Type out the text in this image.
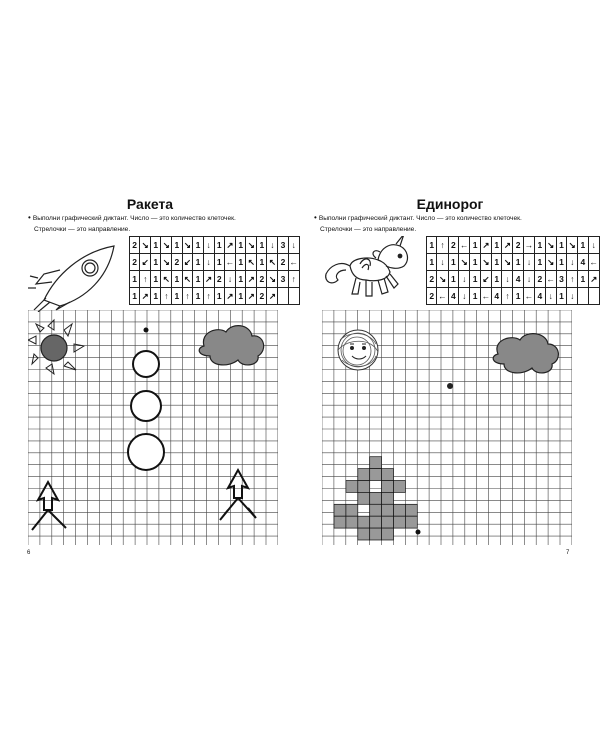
Ракета
• Выполни графический диктант. Число — это количество клеточек.
Стрелочки — это направление.
2	↘	1	↘	1	↘	1	↓	1	↗	1	↘	1	↓	3	↓
2	↙	1	↘	2	↙	1	↓	1	←	1	↖	1	↖	2	←
1	↑	1	↖	1	↖	1	↗	2	↓	1	↗	2	↘	3	↑
1	↗	1	↑	1	↑	1	↑	1	↗	1	↗	2	↗		
6
Единорог
• Выполни графический диктант. Число — это количество клеточек.
Стрелочки — это направление.
1	↑	2	←	1	↗	1	↗	2	→	1	↘	1	↘	1	↓
1	↓	1	↘	1	↘	1	↘	1	↓	1	↘	1	↓	4	←
2	↘	1	↓	1	↙	1	↓	4	↓	2	←	3	↑	1	↗
2	←	4	↓	1	←	4	↑	1	←	4	↓	1	↓		
7
